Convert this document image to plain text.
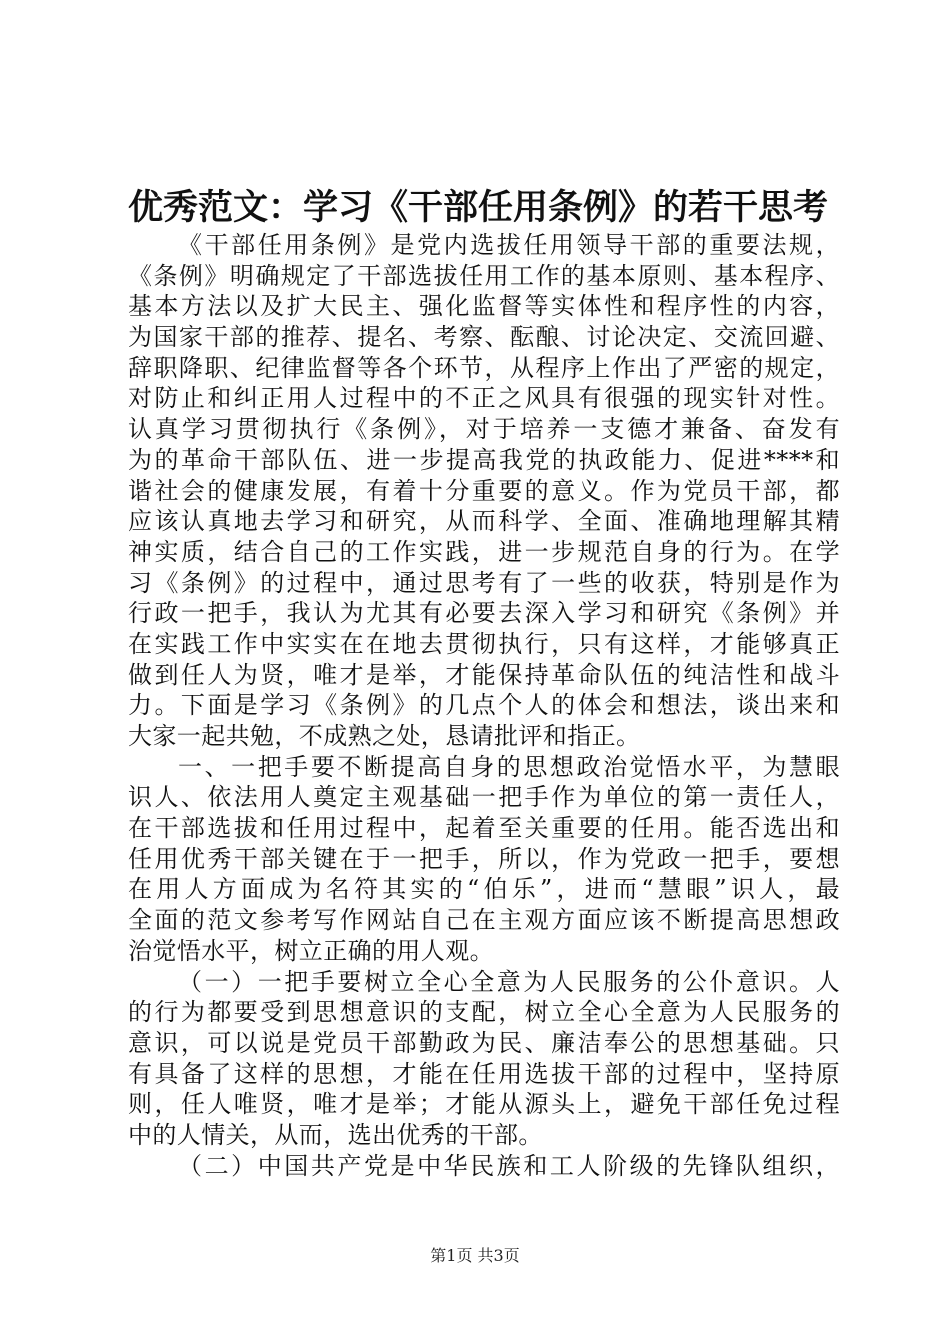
优秀范文：学习《干部任用条例》的若干思考
《干部任用条例》是党内选拔任用领导干部的重要法规，
《条例》明确规定了干部选拔任用工作的基本原则、基本程序、
基本方法以及扩大民主、强化监督等实体性和程序性的内容，
为国家干部的推荐、提名、考察、酝酿、讨论决定、交流回避、
辞职降职、纪律监督等各个环节，从程序上作出了严密的规定，
对防止和纠正用人过程中的不正之风具有很强的现实针对性。
认真学习贯彻执行《条例》，对于培养一支德才兼备、奋发有
为的革命干部队伍、进一步提高我党的执政能力、促进****和
谐社会的健康发展，有着十分重要的意义。作为党员干部，都
应该认真地去学习和研究，从而科学、全面、准确地理解其精
神实质，结合自己的工作实践，进一步规范自身的行为。在学
习《条例》的过程中，通过思考有了一些的收获，特别是作为
行政一把手，我认为尤其有必要去深入学习和研究《条例》并
在实践工作中实实在在地去贯彻执行，只有这样，才能够真正
做到任人为贤，唯才是举，才能保持革命队伍的纯洁性和战斗
力。下面是学习《条例》的几点个人的体会和想法，谈出来和
大家一起共勉，不成熟之处，恳请批评和指正。
一、一把手要不断提高自身的思想政治觉悟水平，为慧眼
识人、依法用人奠定主观基础一把手作为单位的第一责任人，
在干部选拔和任用过程中，起着至关重要的任用。能否选出和
任用优秀干部关键在于一把手，所以，作为党政一把手，要想
在用人方面成为名符其实的“伯乐”，进而“慧眼”识人，最
全面的范文参考写作网站自己在主观方面应该不断提高思想政
治觉悟水平，树立正确的用人观。
（一）一把手要树立全心全意为人民服务的公仆意识。人
的行为都要受到思想意识的支配，树立全心全意为人民服务的
意识，可以说是党员干部勤政为民、廉洁奉公的思想基础。只
有具备了这样的思想，才能在任用选拔干部的过程中，坚持原
则，任人唯贤，唯才是举；才能从源头上，避免干部任免过程
中的人情关，从而，选出优秀的干部。
（二）中国共产党是中华民族和工人阶级的先锋队组织，
第1页 共3页
